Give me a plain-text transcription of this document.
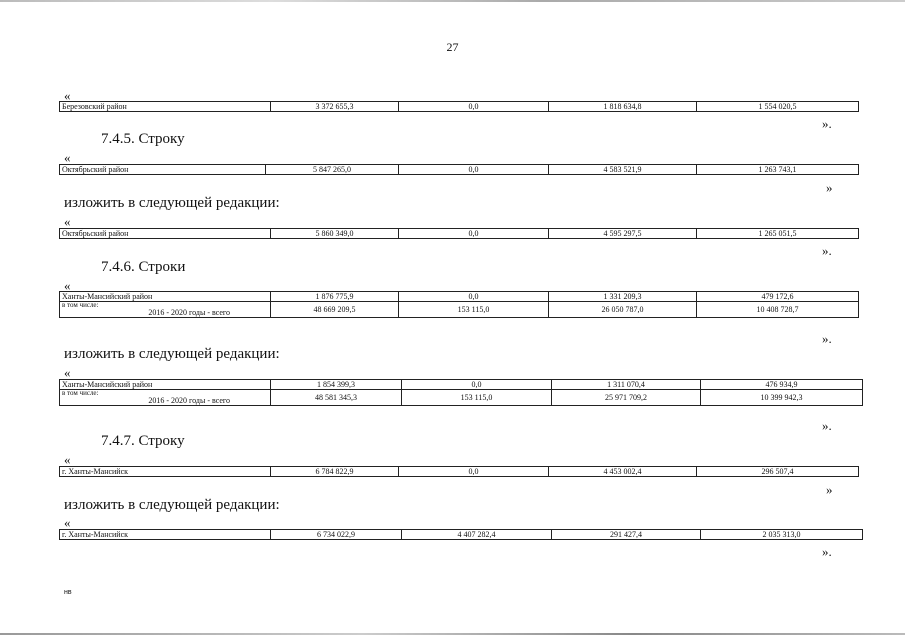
27
«
Березовский район	3 372 655,3	0,0	1 818 634,8	1 554 020,5
».
7.4.5. Строку
«
Октябрьский район	5 847 265,0	0,0	4 583 521,9	1 263 743,1
»
изложить в следующей редакции:
«
Октябрьский район	5 860 349,0	0,0	4 595 297,5	1 265 051,5
».
7.4.6. Строки
«
Ханты-Мансийский район	1 876 775,9	0,0	1 331 209,3	479 172,6
в том числе:	48 669 209,5	153 115,0	26 050 787,0	10 408 728,7
2016 - 2020 годы - всего				
».
изложить в следующей редакции:
«
Ханты-Мансийский район	1 854 399,3	0,0	1 311 070,4	476 934,9
в том числе:	48 581 345,3	153 115,0	25 971 709,2	10 399 942,3
2016 - 2020 годы - всего				
».
7.4.7. Строку
«
г. Ханты-Мансийск	6 784 822,9	0,0	4 453 002,4	296 507,4
»
изложить в следующей редакции:
«
г. Ханты-Мансийск	6 734 022,9	4 407 282,4	291 427,4	2 035 313,0
».
нв
